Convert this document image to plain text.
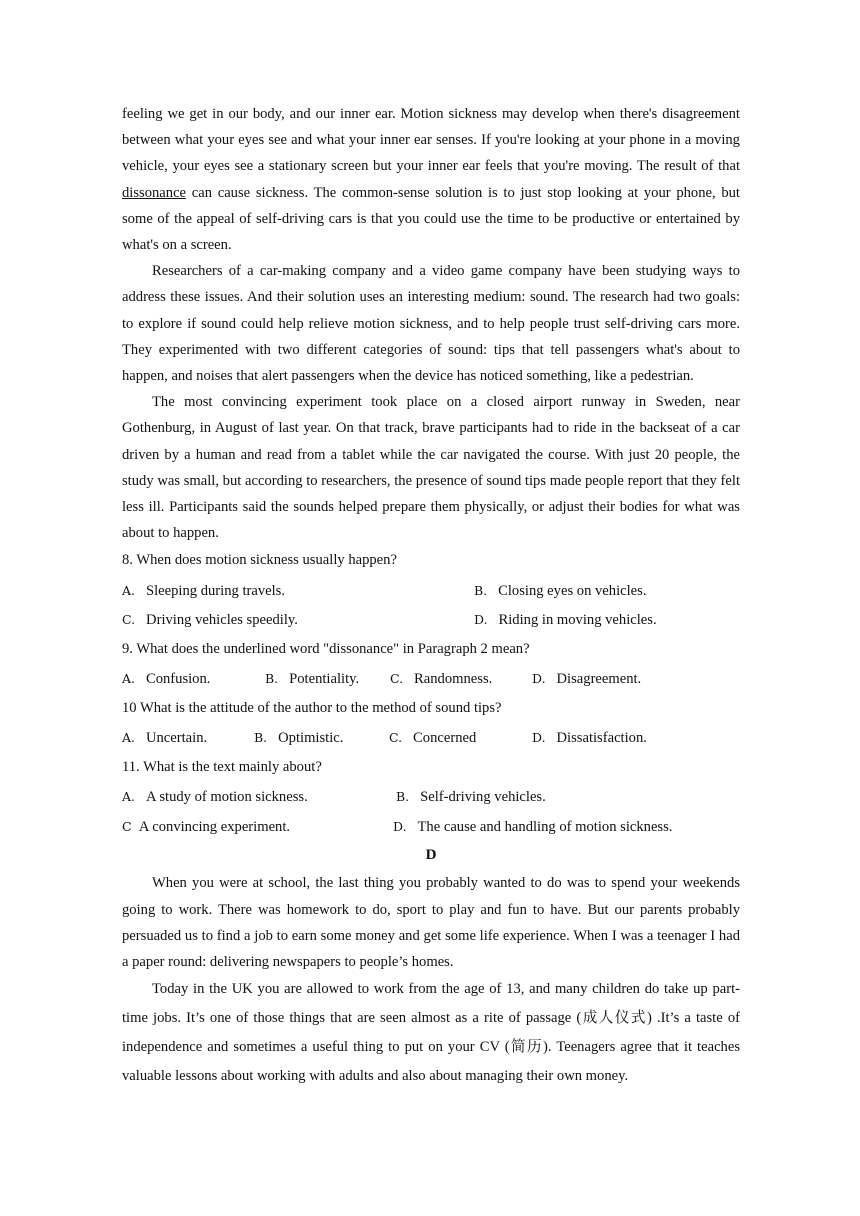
feeling we get in our body, and our inner ear. Motion sickness may develop when there's disagreement between what your eyes see and what your inner ear senses. If you're looking at your phone in a moving vehicle, your eyes see a stationary screen but your inner ear feels that you're moving. The result of that dissonance can cause sickness. The common-sense solution is to just stop looking at your phone, but some of the appeal of self-driving cars is that you could use the time to be productive or entertained by what's on a screen.

Researchers of a car-making company and a video game company have been studying ways to address these issues. And their solution uses an interesting medium: sound. The research had two goals: to explore if sound could help relieve motion sickness, and to help people trust self-driving cars more. They experimented with two different categories of sound: tips that tell passengers what's about to happen, and noises that alert passengers when the device has noticed something, like a pedestrian.

The most convincing experiment took place on a closed airport runway in Sweden, near Gothenburg, in August of last year. On that track, brave participants had to ride in the backseat of a car driven by a human and read from a tablet while the car navigated the course. With just 20 people, the study was small, but according to researchers, the presence of sound tips made people report that they felt less ill. Participants said the sounds helped prepare them physically, or adjust their bodies for what was about to happen.

8. When does motion sickness usually happen?
A. Sleeping during travels.	B. Closing eyes on vehicles.
C. Driving vehicles speedily.	D. Riding in moving vehicles.
9. What does the underlined word "dissonance" in Paragraph 2 mean?
A. Confusion.	B. Potentiality. C. Randomness.	D. Disagreement.
10 What is the attitude of the author to the method of sound tips?
A. Uncertain.	B. Optimistic.	C. Concerned	D. Dissatisfaction.
11. What is the text mainly about?
A. A study of motion sickness.	B. Self-driving vehicles.
C A convincing experiment.	D. The cause and handling of motion sickness.
D

When you were at school, the last thing you probably wanted to do was to spend your weekends going to work. There was homework to do, sport to play and fun to have. But our parents probably persuaded us to find a job to earn some money and get some life experience. When I was a teenager I had a paper round: delivering newspapers to people’s homes.

Today in the UK you are allowed to work from the age of 13, and many children do take up part-time jobs. It’s one of those things that are seen almost as a rite of passage (成人仪式) .It’s a taste of independence and sometimes a useful thing to put on your CV (简历). Teenagers agree that it teaches valuable lessons about working with adults and also about managing their own money.
